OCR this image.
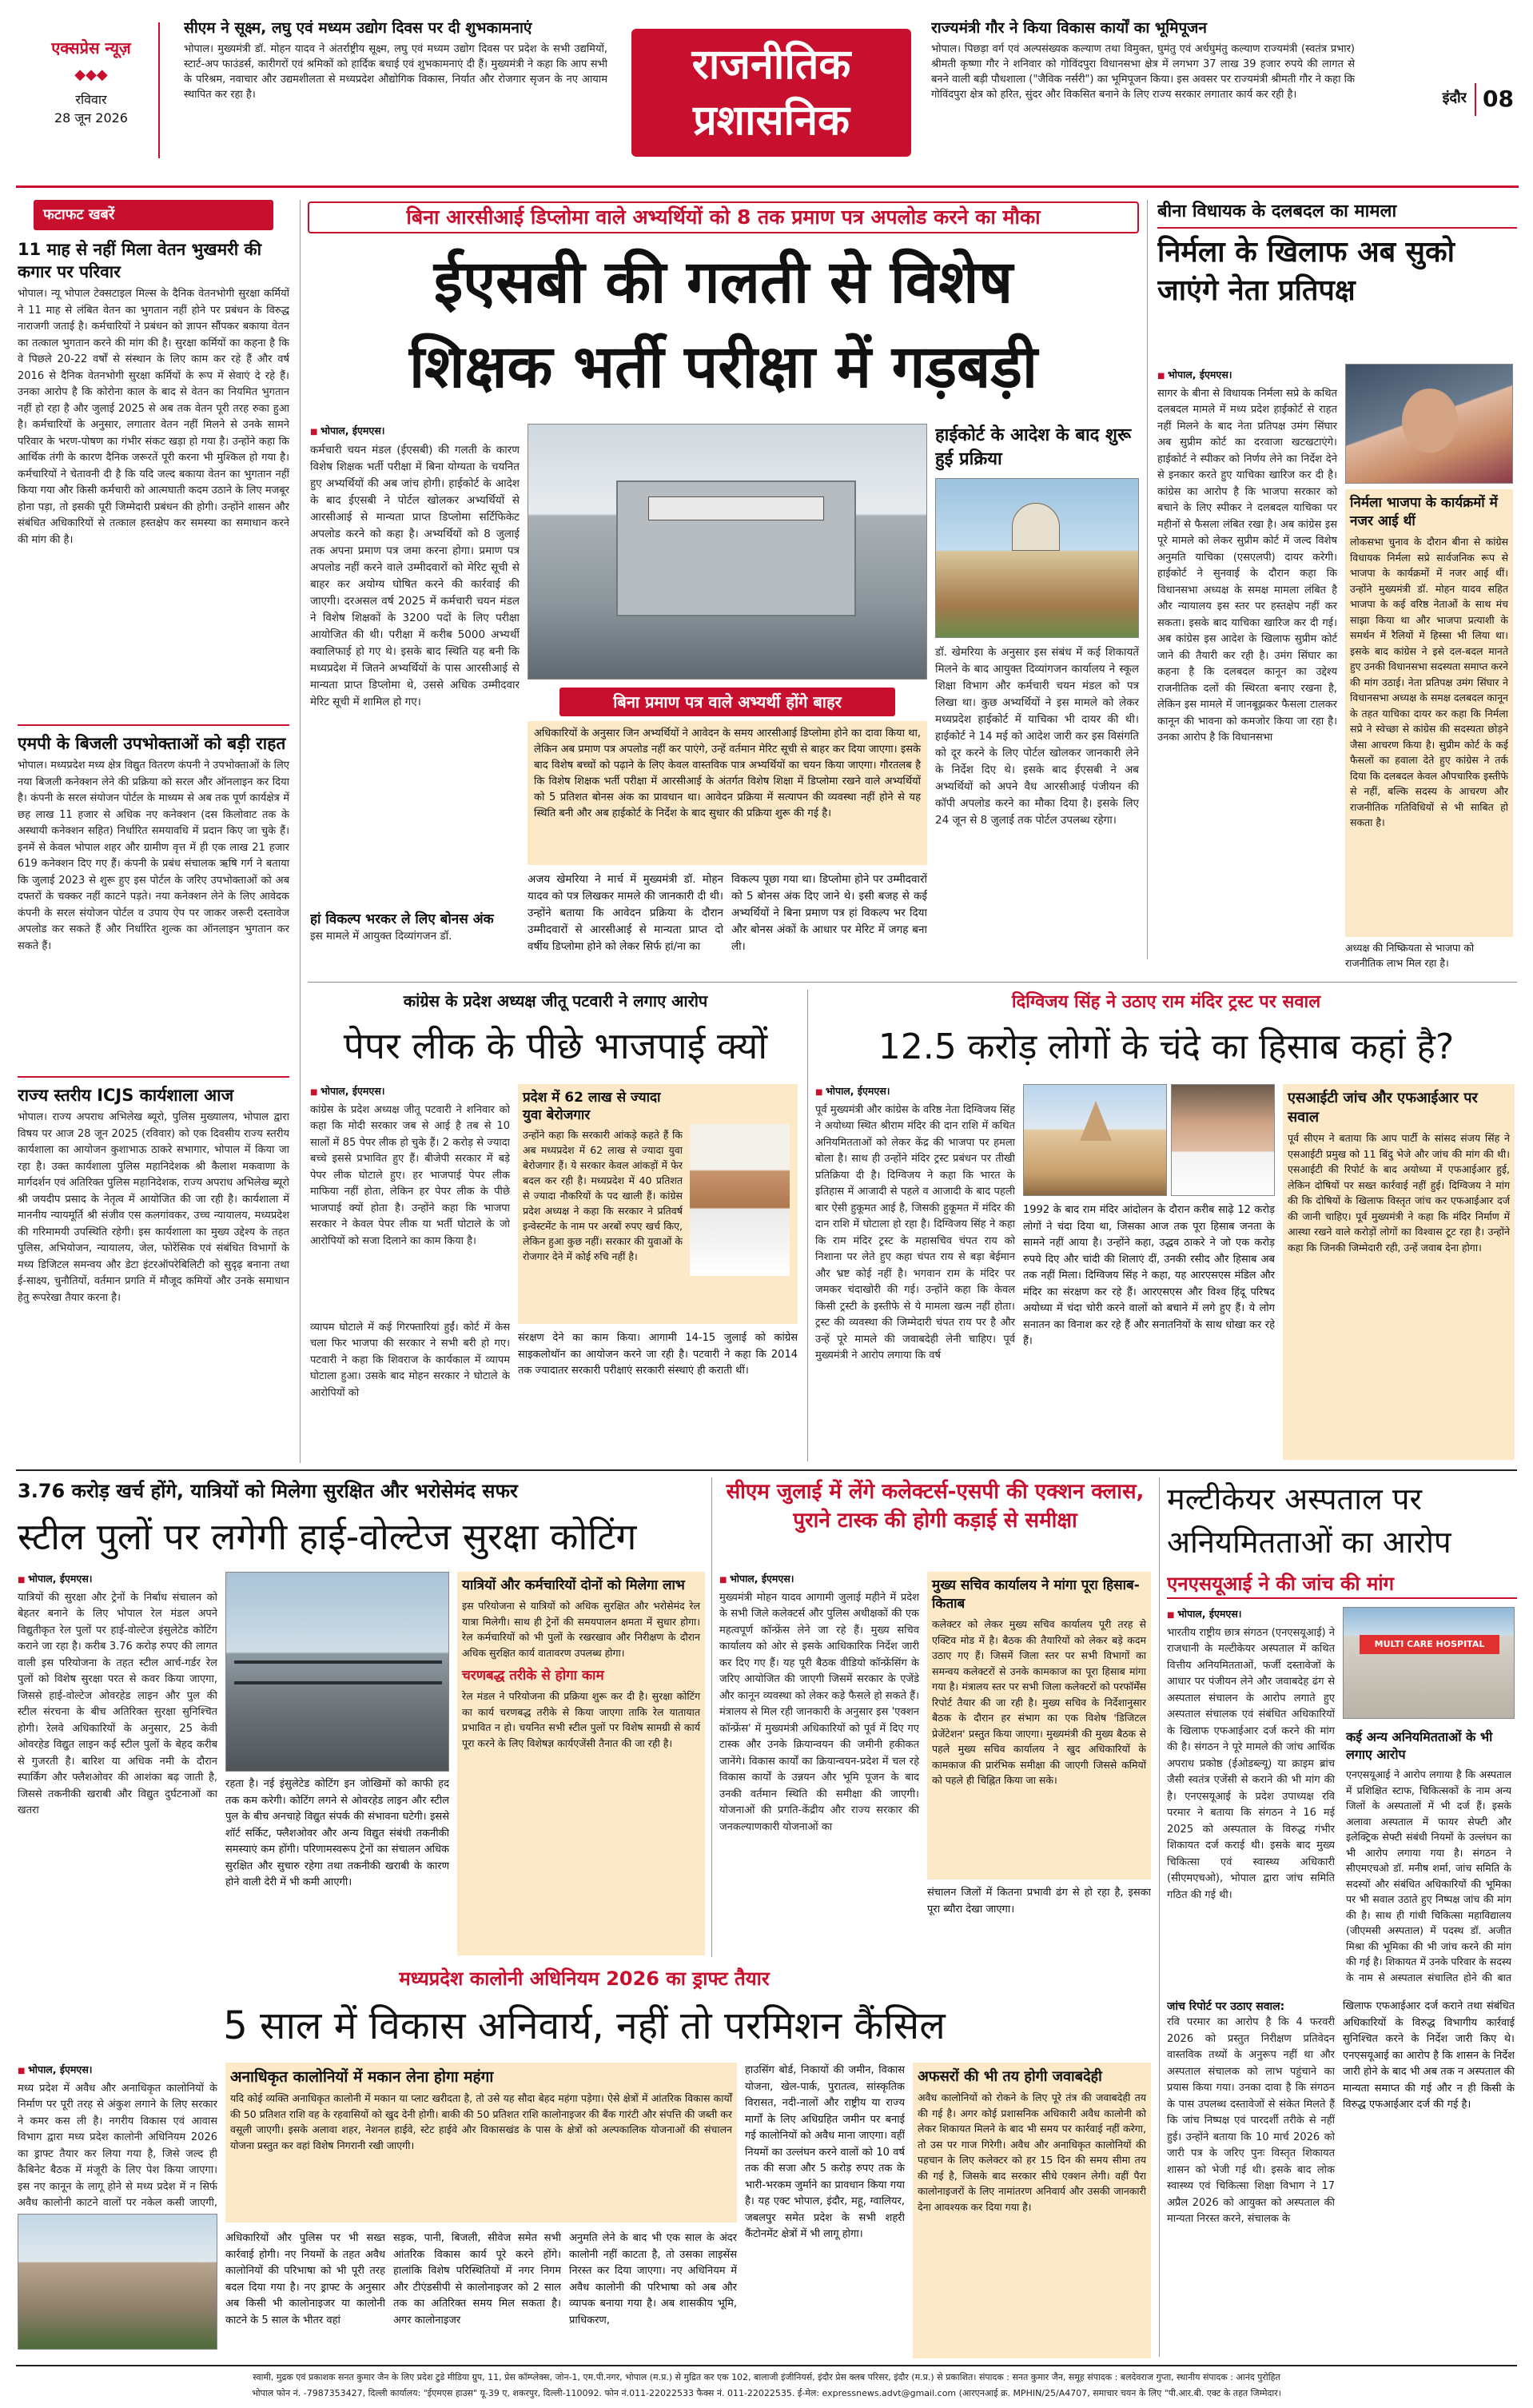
एक्सप्रेस न्यूज़
◆◆◆
रविवार
28 जून 2026
सीएम ने सूक्ष्म, लघु एवं मध्यम उद्योग दिवस पर दी शुभकामनाएं
भोपाल। मुख्यमंत्री डॉ. मोहन यादव ने अंतर्राष्ट्रीय सूक्ष्म, लघु एवं मध्यम उद्योग दिवस पर प्रदेश के सभी उद्यमियों, स्टार्ट-अप फाउंडर्स, कारीगरों एवं श्रमिकों को हार्दिक बधाई एवं शुभकामनाएं दी हैं। मुख्यमंत्री ने कहा कि आप सभी के परिश्रम, नवाचार और उद्यमशीलता से मध्यप्रदेश औद्योगिक विकास, निर्यात और रोजगार सृजन के नए आयाम स्थापित कर रहा है।
राजनीतिक
प्रशासनिक
राज्यमंत्री गौर ने किया विकास कार्यों का भूमिपूजन
भोपाल। पिछड़ा वर्ग एवं अल्पसंख्यक कल्याण तथा विमुक्त, घुमंतु एवं अर्धघुमंतु कल्याण राज्यमंत्री (स्वतंत्र प्रभार) श्रीमती कृष्णा गौर ने शनिवार को गोविंदपुरा विधानसभा क्षेत्र में लगभग 37 लाख 39 हजार रुपये की लागत से बनने वाली बड़ी पौधशाला ("जैविक नर्सरी") का भूमिपूजन किया। इस अवसर पर राज्यमंत्री श्रीमती गौर ने कहा कि गोविंदपुरा क्षेत्र को हरित, सुंदर और विकसित बनाने के लिए राज्य सरकार लगातार कार्य कर रही है।	इंदौर 08
फटाफट खबरें
11 माह से नहीं मिला वेतन भुखमरी की कगार पर परिवार
भोपाल। न्यू भोपाल टेक्सटाइल मिल्स के दैनिक वेतनभोगी सुरक्षा कर्मियों ने 11 माह से लंबित वेतन का भुगतान नहीं होने पर प्रबंधन के विरुद्ध नाराजगी जताई है। कर्मचारियों ने प्रबंधन को ज्ञापन सौंपकर बकाया वेतन का तत्काल भुगतान करने की मांग की है। सुरक्षा कर्मियों का कहना है कि वे पिछले 20-22 वर्षों से संस्थान के लिए काम कर रहे हैं और वर्ष 2016 से दैनिक वेतनभोगी सुरक्षा कर्मियों के रूप में सेवाएं दे रहे हैं। उनका आरोप है कि कोरोना काल के बाद से वेतन का नियमित भुगतान नहीं हो रहा है और जुलाई 2025 से अब तक वेतन पूरी तरह रुका हुआ है। कर्मचारियों के अनुसार, लगातार वेतन नहीं मिलने से उनके सामने परिवार के भरण-पोषण का गंभीर संकट खड़ा हो गया है। उन्होंने कहा कि आर्थिक तंगी के कारण दैनिक जरूरतें पूरी करना भी मुश्किल हो गया है। कर्मचारियों ने चेतावनी दी है कि यदि जल्द बकाया वेतन का भुगतान नहीं किया गया और किसी कर्मचारी को आत्मघाती कदम उठाने के लिए मजबूर होना पड़ा, तो इसकी पूरी जिम्मेदारी प्रबंधन की होगी। उन्होंने शासन और संबंधित अधिकारियों से तत्काल हस्तक्षेप कर समस्या का समाधान करने की मांग की है।
एमपी के बिजली उपभोक्ताओं को बड़ी राहत
भोपाल। मध्यप्रदेश मध्य क्षेत्र विद्युत वितरण कंपनी ने उपभोक्ताओं के लिए नया बिजली कनेक्शन लेने की प्रक्रिया को सरल और ऑनलाइन कर दिया है। कंपनी के सरल संयोजन पोर्टल के माध्यम से अब तक पूर्ण कार्यक्षेत्र में छह लाख 11 हजार से अधिक नए कनेक्शन (दस किलोवाट तक के अस्थायी कनेक्शन सहित) निर्धारित समयावधि में प्रदान किए जा चुके हैं। इनमें से केवल भोपाल शहर और ग्रामीण वृत्त में ही एक लाख 21 हजार 619 कनेक्शन दिए गए हैं। कंपनी के प्रबंध संचालक ऋषि गर्ग ने बताया कि जुलाई 2023 से शुरू हुए इस पोर्टल के जरिए उपभोक्ताओं को अब दफ्तरों के चक्कर नहीं काटने पड़ते। नया कनेक्शन लेने के लिए आवेदक कंपनी के सरल संयोजन पोर्टल व उपाय ऐप पर जाकर जरूरी दस्तावेज अपलोड कर सकते हैं और निर्धारित शुल्क का ऑनलाइन भुगतान कर सकते हैं।
राज्य स्तरीय ICJS कार्यशाला आज
भोपाल। राज्य अपराध अभिलेख ब्यूरो, पुलिस मुख्यालय, भोपाल द्वारा विषय पर आज 28 जून 2025 (रविवार) को एक दिवसीय राज्य स्तरीय कार्यशाला का आयोजन कुशाभाऊ ठाकरे सभागार, भोपाल में किया जा रहा है। उक्त कार्यशाला पुलिस महानिदेशक श्री कैलाश मकवाणा के मार्गदर्शन एवं अतिरिक्त पुलिस महानिदेशक, राज्य अपराध अभिलेख ब्यूरो श्री जयदीप प्रसाद के नेतृत्व में आयोजित की जा रही है। कार्यशाला में माननीय न्यायमूर्ति श्री संजीव एस कलगांवकर, उच्च न्यायालय, मध्यप्रदेश की गरिमामयी उपस्थिति रहेगी। इस कार्यशाला का मुख्य उद्देश्य के तहत पुलिस, अभियोजन, न्यायालय, जेल, फोरेंसिक एवं संबंधित विभागों के मध्य डिजिटल समन्वय और डेटा इंटरऑपरेबिलिटी को सुदृढ़ बनाना तथा ई-साक्ष्य, चुनौतियों, वर्तमान प्रगति में मौजूद कमियों और उनके समाधान हेतु रूपरेखा तैयार करना है।
बिना आरसीआई डिप्लोमा वाले अभ्यर्थियों को 8 तक प्रमाण पत्र अपलोड करने का मौका
ईएसबी की गलती से विशेष
शिक्षक भर्ती परीक्षा में गड़बड़ी
■ भोपाल, ईएमएस।
कर्मचारी चयन मंडल (ईएसबी) की गलती के कारण विशेष शिक्षक भर्ती परीक्षा में बिना योग्यता के चयनित हुए अभ्यर्थियों की अब जांच होगी। हाईकोर्ट के आदेश के बाद ईएसबी ने पोर्टल खोलकर अभ्यर्थियों से आरसीआई से मान्यता प्राप्त डिप्लोमा सर्टिफिकेट अपलोड करने को कहा है। अभ्यर्थियों को 8 जुलाई तक अपना प्रमाण पत्र जमा करना होगा। प्रमाण पत्र अपलोड नहीं करने वाले उम्मीदवारों को मेरिट सूची से बाहर कर अयोग्य घोषित करने की कार्रवाई की जाएगी। दरअसल वर्ष 2025 में कर्मचारी चयन मंडल ने विशेष शिक्षकों के 3200 पदों के लिए परीक्षा आयोजित की थी। परीक्षा में करीब 5000 अभ्यर्थी क्वालिफाई हो गए थे। इसके बाद स्थिति यह बनी कि मध्यप्रदेश में जितने अभ्यर्थियों के पास आरसीआई से मान्यता प्राप्त डिप्लोमा थे, उससे अधिक उम्मीदवार मेरिट सूची में शामिल हो गए।
हां विकल्प भरकर ले लिए बोनस अंक
इस मामले में आयुक्त दिव्यांगजन डॉ.
बिना प्रमाण पत्र वाले अभ्यर्थी होंगे बाहर
अधिकारियों के अनुसार जिन अभ्यर्थियों ने आवेदन के समय आरसीआई डिप्लोमा होने का दावा किया था, लेकिन अब प्रमाण पत्र अपलोड नहीं कर पाएंगे, उन्हें वर्तमान मेरिट सूची से बाहर कर दिया जाएगा। इसके बाद विशेष बच्चों को पढ़ाने के लिए केवल वास्तविक पात्र अभ्यर्थियों का चयन किया जाएगा। गौरतलब है कि विशेष शिक्षक भर्ती परीक्षा में आरसीआई के अंतर्गत विशेष शिक्षा में डिप्लोमा रखने वाले अभ्यर्थियों को 5 प्रतिशत बोनस अंक का प्रावधान था। आवेदन प्रक्रिया में सत्यापन की व्यवस्था नहीं होने से यह स्थिति बनी और अब हाईकोर्ट के निर्देश के बाद सुधार की प्रक्रिया शुरू की गई है।
अजय खेमरिया ने मार्च में मुख्यमंत्री डॉ. मोहन यादव को पत्र लिखकर मामले की जानकारी दी थी। उन्होंने बताया कि आवेदन प्रक्रिया के दौरान उम्मीदवारों से आरसीआई से मान्यता प्राप्त दो वर्षीय डिप्लोमा होने को लेकर सिर्फ हां/ना का
विकल्प पूछा गया था। डिप्लोमा होने पर उम्मीदवारों को 5 बोनस अंक दिए जाने थे। इसी बजह से कई अभ्यर्थियों ने बिना प्रमाण पत्र हां विकल्प भर दिया और बोनस अंकों के आधार पर मेरिट में जगह बना ली।
हाईकोर्ट के आदेश के बाद शुरू हुई प्रक्रिया
डॉ. खेमरिया के अनुसार इस संबंध में कई शिकायतें मिलने के बाद आयुक्त दिव्यांगजन कार्यालय ने स्कूल शिक्षा विभाग और कर्मचारी चयन मंडल को पत्र लिखा था। कुछ अभ्यर्थियों ने इस मामले को लेकर मध्यप्रदेश हाईकोर्ट में याचिका भी दायर की थी। हाईकोर्ट ने 14 मई को आदेश जारी कर इस विसंगति को दूर करने के लिए पोर्टल खोलकर जानकारी लेने के निर्देश दिए थे। इसके बाद ईएसबी ने अब अभ्यर्थियों को अपने वैध आरसीआई पंजीयन की कॉपी अपलोड करने का मौका दिया है। इसके लिए 24 जून से 8 जुलाई तक पोर्टल उपलब्ध रहेगा।
बीना विधायक के दलबदल का मामला
निर्मला के खिलाफ अब सुको जाएंगे नेता प्रतिपक्ष
■ भोपाल, ईएमएस।
सागर के बीना से विधायक निर्मला सप्रे के कथित दलबदल मामले में मध्य प्रदेश हाईकोर्ट से राहत नहीं मिलने के बाद नेता प्रतिपक्ष उमंग सिंघार अब सुप्रीम कोर्ट का दरवाजा खटखटाएंगे। हाईकोर्ट ने स्पीकर को निर्णय लेने का निर्देश देने से इनकार करते हुए याचिका खारिज कर दी है। कांग्रेस का आरोप है कि भाजपा सरकार को बचाने के लिए स्पीकर ने दलबदल याचिका पर महीनों से फैसला लंबित रखा है। अब कांग्रेस इस पूरे मामले को लेकर सुप्रीम कोर्ट में जल्द विशेष अनुमति याचिका (एसएलपी) दायर करेगी। हाईकोर्ट ने सुनवाई के दौरान कहा कि विधानसभा अध्यक्ष के समक्ष मामला लंबित है और न्यायालय इस स्तर पर हस्तक्षेप नहीं कर सकता। इसके बाद याचिका खारिज कर दी गई। अब कांग्रेस इस आदेश के खिलाफ सुप्रीम कोर्ट जाने की तैयारी कर रही है। उमंग सिंघार का कहना है कि दलबदल कानून का उद्देश्य राजनीतिक दलों की स्थिरता बनाए रखना है, लेकिन इस मामले में जानबूझकर फैसला टालकर कानून की भावना को कमजोर किया जा रहा है। उनका आरोप है कि विधानसभा
निर्मला भाजपा के कार्यक्रमों में नजर आई थीं
लोकसभा चुनाव के दौरान बीना से कांग्रेस विधायक निर्मला सप्रे सार्वजनिक रूप से भाजपा के कार्यक्रमों में नजर आई थीं। उन्होंने मुख्यमंत्री डॉ. मोहन यादव सहित भाजपा के कई वरिष्ठ नेताओं के साथ मंच साझा किया था और भाजपा प्रत्याशी के समर्थन में रैलियों में हिस्सा भी लिया था। इसके बाद कांग्रेस ने इसे दल-बदल मानते हुए उनकी विधानसभा सदस्यता समाप्त करने की मांग उठाई। नेता प्रतिपक्ष उमंग सिंघार ने विधानसभा अध्यक्ष के समक्ष दलबदल कानून के तहत याचिका दायर कर कहा कि निर्मला सप्रे ने स्वेच्छा से कांग्रेस की सदस्यता छोड़ने जैसा आचरण किया है। सुप्रीम कोर्ट के कई फैसलों का हवाला देते हुए कांग्रेस ने तर्क दिया कि दलबदल केवल औपचारिक इस्तीफे से नहीं, बल्कि सदस्य के आचरण और राजनीतिक गतिविधियों से भी साबित हो सकता है।
अध्यक्ष की निष्क्रियता से भाजपा को राजनीतिक लाभ मिल रहा है।
कांग्रेस के प्रदेश अध्यक्ष जीतू पटवारी ने लगाए आरोप
पेपर लीक के पीछे भाजपाई क्यों
■ भोपाल, ईएमएस।
कांग्रेस के प्रदेश अध्यक्ष जीतू पटवारी ने शनिवार को कहा कि मोदी सरकार जब से आई है तब से 10 सालों में 85 पेपर लीक हो चुके हैं। 2 करोड़ से ज्यादा बच्चे इससे प्रभावित हुए हैं। बीजेपी सरकार में बड़े पेपर लीक घोटाले हुए। हर भाजपाई पेपर लीक माफिया नहीं होता, लेकिन हर पेपर लीक के पीछे भाजपाई क्यों होता है। उन्होंने कहा कि भाजपा सरकार ने केवल पेपर लीक या भर्ती घोटाले के जो आरोपियों को सजा दिलाने का काम किया है।
व्यापम घोटाले में कई गिरफ्तारियां हुईं। कोर्ट में केस चला फिर भाजपा की सरकार ने सभी बरी हो गए। पटवारी ने कहा कि शिवराज के कार्यकाल में व्यापम घोटाला हुआ। उसके बाद मोहन सरकार ने घोटाले के आरोपियों को
प्रदेश में 62 लाख से ज्यादा युवा बेरोजगार
उन्होंने कहा कि सरकारी आंकड़े कहते हैं कि अब मध्यप्रदेश में 62 लाख से ज्यादा युवा बेरोजगार हैं। ये सरकार केवल आंकड़ों में फेर बदल कर रही है। मध्यप्रदेश में 40 प्रतिशत से ज्यादा नौकरियों के पद खाली हैं। कांग्रेस प्रदेश अध्यक्ष ने कहा कि सरकार ने प्रतिवर्ष इन्वेस्टमेंट के नाम पर अरबों रुपए खर्च किए, लेकिन हुआ कुछ नहीं। सरकार की युवाओं के रोजगार देने में कोई रुचि नहीं है।
संरक्षण देने का काम किया। आगामी 14-15 जुलाई को कांग्रेस साइकलोथॉन का आयोजन करने जा रही है। पटवारी ने कहा कि 2014 तक ज्यादातर सरकारी परीक्षाएं सरकारी संस्थाएं ही कराती थीं।
दिग्विजय सिंह ने उठाए राम मंदिर ट्रस्ट पर सवाल
12.5 करोड़ लोगों के चंदे का हिसाब कहां है?
■ भोपाल, ईएमएस।
पूर्व मुख्यमंत्री और कांग्रेस के वरिष्ठ नेता दिग्विजय सिंह ने अयोध्या स्थित श्रीराम मंदिर की दान राशि में कथित अनियमितताओं को लेकर केंद्र की भाजपा पर हमला बोला है। साथ ही उन्होंने मंदिर ट्रस्ट प्रबंधन पर तीखी प्रतिक्रिया दी है। दिग्विजय ने कहा कि भारत के इतिहास में आजादी से पहले व आजादी के बाद पहली बार ऐसी हुकूमत आई है, जिसकी हुकूमत में मंदिर की दान राशि में घोटाला हो रहा है। दिग्विजय सिंह ने कहा कि राम मंदिर ट्रस्ट के महासचिव चंपत राय को निशाना पर लेते हुए कहा चंपत राय से बड़ा बेईमान और भ्रष्ट कोई नहीं है। भगवान राम के मंदिर पर जमकर चंदाखोरी की गई। उन्होंने कहा कि केवल किसी ट्रस्टी के इस्तीफे से ये मामला खत्म नहीं होता। ट्रस्ट की व्यवस्था की जिम्मेदारी चंपत राय पर है और उन्हें पूरे मामले की जवाबदेही लेनी चाहिए। पूर्व मुख्यमंत्री ने आरोप लगाया कि वर्ष
1992 के बाद राम मंदिर आंदोलन के दौरान करीब साढ़े 12 करोड़ लोगों ने चंदा दिया था, जिसका आज तक पूरा हिसाब जनता के सामने नहीं आया है। उन्होंने कहा, उद्धव ठाकरे ने जो एक करोड़ रुपये दिए और चांदी की शिलाएं दीं, उनकी रसीद और हिसाब अब तक नहीं मिला। दिग्विजय सिंह ने कहा, यह आरएसएस मंडिल और मंदिर का संरक्षण कर रहे हैं। आरएसएस और विश्व हिंदू परिषद अयोध्या में चंदा चोरी करने वालों को बचाने में लगे हुए हैं। ये लोग सनातन का विनाश कर रहे हैं और सनातनियों के साथ धोखा कर रहे हैं।
एसआईटी जांच और एफआईआर पर सवाल
पूर्व सीएम ने बताया कि आप पार्टी के सांसद संजय सिंह ने एसआईटी प्रमुख को 11 बिंदु भेजे और जांच की मांग की थी। एसआईटी की रिपोर्ट के बाद अयोध्या में एफआईआर हुई, लेकिन दोषियों पर सख्त कार्रवाई नहीं हुई। दिग्विजय ने मांग की कि दोषियों के खिलाफ विस्तृत जांच कर एफआईआर दर्ज की जानी चाहिए। पूर्व मुख्यमंत्री ने कहा कि मंदिर निर्माण में आस्था रखने वाले करोड़ों लोगों का विश्वास टूट रहा है। उन्होंने कहा कि जिनकी जिम्मेदारी रही, उन्हें जवाब देना होगा।
3.76 करोड़ खर्च होंगे, यात्रियों को मिलेगा सुरक्षित और भरोसेमंद सफर
स्टील पुलों पर लगेगी हाई-वोल्टेज सुरक्षा कोटिंग
■ भोपाल, ईएमएस।
यात्रियों की सुरक्षा और ट्रेनों के निर्बाध संचालन को बेहतर बनाने के लिए भोपाल रेल मंडल अपने विद्युतीकृत रेल पुलों पर हाई-वोल्टेज इंसुलेटेड कोटिंग कराने जा रहा है। करीब 3.76 करोड़ रुपए की लागत वाली इस परियोजना के तहत स्टील आर्च-गर्डर रेल पुलों को विशेष सुरक्षा परत से कवर किया जाएगा, जिससे हाई-वोल्टेज ओवरहेड लाइन और पुल की स्टील संरचना के बीच अतिरिक्त सुरक्षा सुनिश्चित होगी। रेलवे अधिकारियों के अनुसार, 25 केवी ओवरहेड विद्युत लाइन कई स्टील पुलों के बेहद करीब से गुजरती है। बारिश या अधिक नमी के दौरान स्पार्किंग और फ्लैशओवर की आशंका बढ़ जाती है, जिससे तकनीकी खराबी और विद्युत दुर्घटनाओं का खतरा
रहता है। नई इंसुलेटेड कोटिंग इन जोखिमों को काफी हद तक कम करेगी। कोटिंग लगने से ओवरहेड लाइन और स्टील पुल के बीच अनचाहे विद्युत संपर्क की संभावना घटेगी। इससे शॉर्ट सर्किट, फ्लैशओवर और अन्य विद्युत संबंधी तकनीकी समस्याएं कम होंगी। परिणामस्वरूप ट्रेनों का संचालन अधिक सुरक्षित और सुचारु रहेगा तथा तकनीकी खराबी के कारण होने वाली देरी में भी कमी आएगी।
यात्रियों और कर्मचारियों दोनों को मिलेगा लाभ
इस परियोजना से यात्रियों को अधिक सुरक्षित और भरोसेमंद रेल यात्रा मिलेगी। साथ ही ट्रेनों की समयपालन क्षमता में सुधार होगा। रेल कर्मचारियों को भी पुलों के रखरखाव और निरीक्षण के दौरान अधिक सुरक्षित कार्य वातावरण उपलब्ध होगा।
चरणबद्ध तरीके से होगा काम
रेल मंडल ने परियोजना की प्रक्रिया शुरू कर दी है। सुरक्षा कोटिंग का कार्य चरणबद्ध तरीके से किया जाएगा ताकि रेल यातायात प्रभावित न हो। चयनित सभी स्टील पुलों पर विशेष सामग्री से कार्य पूरा करने के लिए विशेषज्ञ कार्यएजेंसी तैनात की जा रही है।
सीएम जुलाई में लेंगे कलेक्टर्स-एसपी की एक्शन क्लास, पुराने टास्क की होगी कड़ाई से समीक्षा
■ भोपाल, ईएमएस।
मुख्यमंत्री मोहन यादव आगामी जुलाई महीने में प्रदेश के सभी जिले कलेक्टर्स और पुलिस अधीक्षकों की एक महत्वपूर्ण कॉन्फ्रेंस लेने जा रहे हैं। मुख्य सचिव कार्यालय को ओर से इसके आधिकारिक निर्देश जारी कर दिए गए हैं। यह पूरी बैठक वीडियो कॉन्फ्रेंसिंग के जरिए आयोजित की जाएगी जिसमें सरकार के एजेंडे और कानून व्यवस्था को लेकर कड़े फैसले हो सकते हैं। मंत्रालय से मिल रही जानकारी के अनुसार इस 'एक्शन कॉन्फ्रेंस' में मुख्यमंत्री अधिकारियों को पूर्व में दिए गए टास्क और उनके क्रियान्वयन की जमीनी हकीकत जानेंगे। विकास कार्यों का क्रियान्वयन-प्रदेश में चल रहे विकास कार्यों के उन्नयन और भूमि पूजन के बाद उनकी वर्तमान स्थिति की समीक्षा की जाएगी। योजनाओं की प्रगति-केंद्रीय और राज्य सरकार की जनकल्याणकारी योजनाओं का
मुख्य सचिव कार्यालय ने मांगा पूरा हिसाब-किताब
कलेक्टर को लेकर मुख्य सचिव कार्यालय पूरी तरह से एक्टिव मोड में है। बैठक की तैयारियों को लेकर बड़े कदम उठाए गए हैं। जिसमें जिला स्तर पर सभी विभागों का समन्वय कलेक्टरों से उनके कामकाज का पूरा हिसाब मांगा गया है। मंत्रालय स्तर पर सभी जिला कलेक्टरों को परफॉर्मेंस रिपोर्ट तैयार की जा रही है। मुख्य सचिव के निर्देशानुसार बैठक के दौरान हर संभाग का एक विशेष 'डिजिटल प्रेजेंटेशन' प्रस्तुत किया जाएगा। मुख्यमंत्री की मुख्य बैठक से पहले मुख्य सचिव कार्यालय ने खुद अधिकारियों के कामकाज की प्रारंभिक समीक्षा की जाएगी जिससे कमियों को पहले ही चिह्नित किया जा सके।
संचालन जिलों में कितना प्रभावी ढंग से हो रहा है, इसका पूरा ब्यौरा देखा जाएगा।
मल्टीकेयर अस्पताल पर अनियमितताओं का आरोप
एनएसयूआई ने की जांच की मांग
■ भोपाल, ईएमएस।
भारतीय राष्ट्रीय छात्र संगठन (एनएसयूआई) ने राजधानी के मल्टीकेयर अस्पताल में कथित वित्तीय अनियमितताओं, फर्जी दस्तावेजों के आधार पर पंजीयन लेने और जवाबदेह ढंग से अस्पताल संचालन के आरोप लगाते हुए अस्पताल संचालक एवं संबंधित अधिकारियों के खिलाफ एफआईआर दर्ज करने की मांग की है। संगठन ने पूरे मामले की जांच आर्थिक अपराध प्रकोष्ठ (ईओडब्ल्यू) या क्राइम ब्रांच जैसी स्वतंत्र एजेंसी से कराने की भी मांग की है। एनएसयूआई के प्रदेश उपाध्यक्ष रवि परमार ने बताया कि संगठन ने 16 मई 2025 को अस्पताल के विरुद्ध गंभीर शिकायत दर्ज कराई थी। इसके बाद मुख्य चिकित्सा एवं स्वास्थ्य अधिकारी (सीएमएचओ), भोपाल द्वारा जांच समिति गठित की गई थी।
MULTI CARE HOSPITAL
कई अन्य अनियमितताओं के भी लगाए आरोप
एनएसयूआई ने आरोप लगाया है कि अस्पताल में प्रशिक्षित स्टाफ, चिकित्सकों के नाम अन्य जिलों के अस्पतालों में भी दर्ज हैं। इसके अलावा अस्पताल में फायर सेफ्टी और इलेक्ट्रिक सेफ्टी संबंधी नियमों के उल्लंघन का भी आरोप लगाया गया है। संगठन ने सीएमएचओ डॉ. मनीष शर्मा, जांच समिति के सदस्यों और संबंधित अधिकारियों की भूमिका पर भी सवाल उठाते हुए निष्पक्ष जांच की मांग की है। साथ ही गांधी चिकित्सा महाविद्यालय (जीएमसी अस्पताल) में पदस्थ डॉ. अजीत मिश्रा की भूमिका की भी जांच करने की मांग की गई है। शिकायत में उनके परिवार के सदस्य के नाम से अस्पताल संचालित होने की बात
जांच रिपोर्ट पर उठाए सवाल:
रवि परमार का आरोप है कि 4 फरवरी 2026 को प्रस्तुत निरीक्षण प्रतिवेदन वास्तविक तथ्यों के अनुरूप नहीं था और अस्पताल संचालक को लाभ पहुंचाने का प्रयास किया गया। उनका दावा है कि संगठन के पास उपलब्ध दस्तावेजों से संकेत मिलते हैं कि जांच निष्पक्ष एवं पारदर्शी तरीके से नहीं हुई। उन्होंने बताया कि 10 मार्च 2026 को जारी पत्र के जरिए पुनः विस्तृत शिकायत शासन को भेजी गई थी। इसके बाद लोक स्वास्थ्य एवं चिकित्सा शिक्षा विभाग ने 17 अप्रैल 2026 को आयुक्त को अस्पताल की मान्यता निरस्त करने, संचालक के
खिलाफ एफआईआर दर्ज कराने तथा संबंधित अधिकारियों के विरुद्ध विभागीय कार्रवाई सुनिश्चित करने के निर्देश जारी किए थे। एनएसयूआई का आरोप है कि शासन के निर्देश जारी होने के बाद भी अब तक न अस्पताल की मान्यता समाप्त की गई और न ही किसी के विरुद्ध एफआईआर दर्ज की गई है।
मध्यप्रदेश कालोनी अधिनियम 2026 का ड्राफ्ट तैयार
5 साल में विकास अनिवार्य, नहीं तो परमिशन कैंसिल
■ भोपाल, ईएमएस।
मध्य प्रदेश में अवैध और अनाधिकृत कालोनियों के निर्माण पर पूरी तरह से अंकुश लगाने के लिए सरकार ने कमर कस ली है। नगरीय विकास एवं आवास विभाग द्वारा मध्य प्रदेश कालोनी अधिनियम 2026 का ड्राफ्ट तैयार कर लिया गया है, जिसे जल्द ही कैबिनेट बैठक में मंजूरी के लिए पेश किया जाएगा। इस नए कानून के लागू होने से मध्य प्रदेश में न सिर्फ अवैध कालोनी काटने वालों पर नकेल कसी जाएगी,
अधिकारियों और पुलिस पर भी सख्त कार्रवाई होगी। नए नियमों के तहत अवैध कालोनियों की परिभाषा को भी पूरी तरह बदल दिया गया है। नए ड्राफ्ट के अनुसार अब किसी भी कालोनाइजर या कालोनी काटने के 5 साल के भीतर वहां
अनाधिकृत कालोनियों में मकान लेना होगा महंगा
यदि कोई व्यक्ति अनाधिकृत कालोनी में मकान या प्लाट खरीदता है, तो उसे यह सौदा बेहद महंगा पड़ेगा। ऐसे क्षेत्रों में आंतरिक विकास कार्यों की 50 प्रतिशत राशि वह के रहवासियों को खुद देनी होगी। बाकी की 50 प्रतिशत राशि कालोनाइजर की बैंक गारंटी और संपत्ति की जब्ती कर वसूली जाएगी। इसके अलावा शहर, नेशनल हाईवे, स्टेट हाईवे और विकासखंड के पास के क्षेत्रों को अल्पकालिक योजनाओं की संचालन योजना प्रस्तुत कर वहां विशेष निगरानी रखी जाएगी।
सड़क, पानी, बिजली, सीवेज समेत सभी आंतरिक विकास कार्य पूरे करने होंगे। हालांकि विशेष परिस्थितियों में नगर निगम और टीएंडसीपी से कालोनाइजर को 2 साल तक का अतिरिक्त समय मिल सकता है। अगर कालोनाइजर
अनुमति लेने के बाद भी एक साल के अंदर कालोनी नहीं काटता है, तो उसका लाइसेंस निरस्त कर दिया जाएगा। नए अधिनियम में अवैध कालोनी की परिभाषा को अब और व्यापक बनाया गया है। अब शासकीय भूमि, प्राधिकरण,
हाउसिंग बोर्ड, निकायों की जमीन, विकास योजना, खेल-पार्क, पुरातत्व, सांस्कृतिक विरासत, नदी-नालों और राष्ट्रीय या राज्य मार्गों के लिए अधिग्रहित जमीन पर बनाई गई कालोनियों को अवैध माना जाएगा। वहीं नियमों का उल्लंघन करने वालों को 10 वर्ष तक की सजा और 5 करोड़ रुपए तक के भारी-भरकम जुर्माने का प्रावधान किया गया है। यह एक्ट भोपाल, इंदौर, महू, ग्वालियर, जबलपुर समेत प्रदेश के सभी शहरी कैंटोनमेंट क्षेत्रों में भी लागू होगा।
अफसरों की भी तय होगी जवाबदेही
अवैध कालोनियों को रोकने के लिए पूरे तंत्र की जवाबदेही तय की गई है। अगर कोई प्रशासनिक अधिकारी अवैध कालोनी को लेकर शिकायत मिलने के बाद भी समय पर कार्रवाई नहीं करेगा, तो उस पर गाज गिरेगी। अवैध और अनाधिकृत कालोनियों की पहचान के लिए कलेक्टर को हर 15 दिन की समय सीमा तय की गई है, जिसके बाद सरकार सीधे एक्शन लेगी। वहीं पैरा कालोनाइजरों के लिए नामांतरण अनिवार्य और उसकी जानकारी देना आवश्यक कर दिया गया है।
स्वामी, मुद्रक एवं प्रकाशक सनत कुमार जैन के लिए प्रदेश टुडे मीडिया ग्रुप, 11, प्रेस कॉम्प्लेक्स, जोन-1, एम.पी.नगर, भोपाल (म.प्र.) से मुद्रित कर एक 102, बालाजी इंजीनियर्स, इंदौर प्रेस क्लब परिसर, इंदौर (म.प्र.) से प्रकाशित। संपादक : सनत कुमार जैन, समूह संपादक : बलदेवराज गुप्ता, स्थानीय संपादक : आनंद पुरोहित
भोपाल फोन नं. -7987353427, दिल्ली कार्यालय: "ईएमएस हाउस" यू-39 ए, शकरपुर, दिल्ली-110092. फोन नं.011-22022533 फैक्स नं. 011-22022535. ई-मेल: expressnews.advt@gmail.com (आरएनआई क्र. MPHIN/25/A4707, समाचार चयन के लिए "पी.आर.बी. एक्ट के तहत जिम्मेदार।
